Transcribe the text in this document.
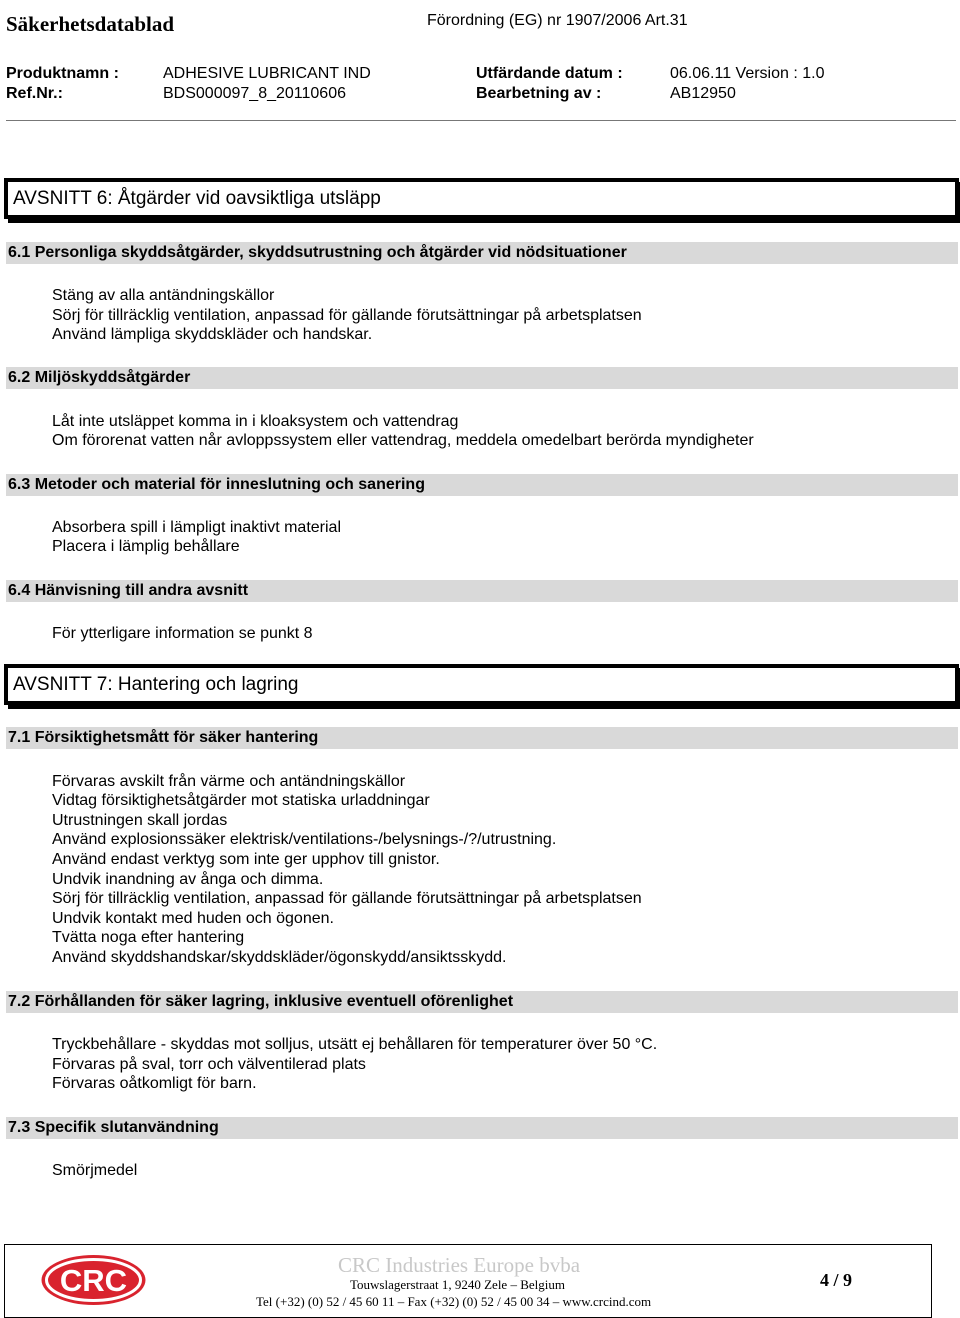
Säkerhetsdatablad	Förordning (EG) nr 1907/2006 Art.31
Produktnamn :	ADHESIVE LUBRICANT IND	Utfärdande datum :	06.06.11 Version : 1.0
Ref.Nr.:	BDS000097_8_20110606	Bearbetning av :	AB12950
AVSNITT 6: Åtgärder vid oavsiktliga utsläpp
6.1 Personliga skyddsåtgärder, skyddsutrustning och åtgärder vid nödsituationer
Stäng av alla antändningskällor
Sörj för tillräcklig ventilation, anpassad för gällande förutsättningar på arbetsplatsen
Använd lämpliga skyddskläder och handskar.
6.2 Miljöskyddsåtgärder
Låt inte utsläppet komma in i kloaksystem och vattendrag
Om förorenat vatten når avloppssystem eller vattendrag, meddela omedelbart berörda myndigheter
6.3 Metoder och material för inneslutning och sanering
Absorbera spill i lämpligt inaktivt material
Placera i lämplig behållare
6.4 Hänvisning till andra avsnitt
För ytterligare information se punkt 8
AVSNITT 7: Hantering och lagring
7.1 Försiktighetsmått för säker hantering
Förvaras avskilt från värme och antändningskällor
Vidtag försiktighetsåtgärder mot statiska urladdningar
Utrustningen skall jordas
Använd explosionssäker elektrisk/ventilations-/belysnings-/?/utrustning.
Använd endast verktyg som inte ger upphov till gnistor.
Undvik inandning av ånga och dimma.
Sörj för tillräcklig ventilation, anpassad för gällande förutsättningar på arbetsplatsen
Undvik kontakt med huden och ögonen.
Tvätta noga efter hantering
Använd skyddshandskar/skyddskläder/ögonskydd/ansiktsskydd.
7.2 Förhållanden för säker lagring, inklusive eventuell oförenlighet
Tryckbehållare - skyddas mot solljus, utsätt ej behållaren för temperaturer över 50 °C.
Förvaras på sval, torr och välventilerad plats
Förvaras oåtkomligt för barn.
7.3 Specifik slutanvändning
Smörjmedel
CRC	CRC Industries Europe bvba
Touwslagerstraat 1, 9240 Zele – Belgium
Tel (+32) (0) 52 / 45 60 11 – Fax (+32) (0) 52 / 45 00 34 – www.crcind.com
4 / 9
